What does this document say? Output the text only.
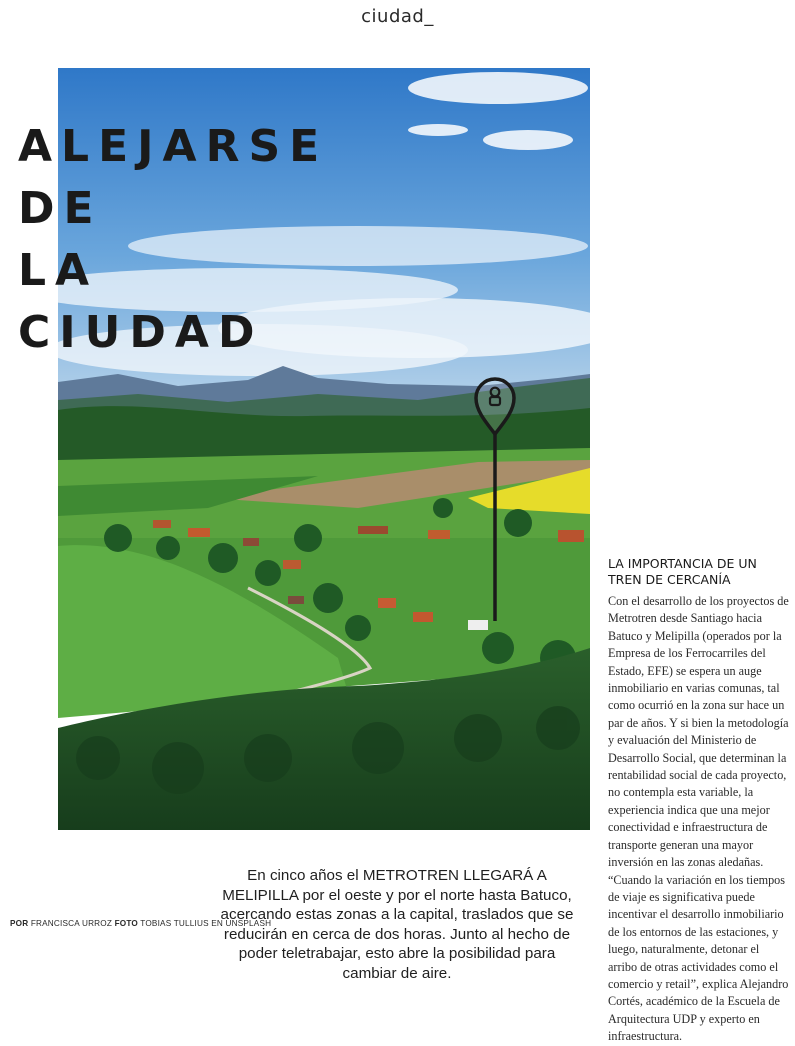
ciudad_
ALEJARSE
DE
LA
CIUDAD
LA IMPORTANCIA DE UN TREN DE CERCANÍA

Con el desarrollo de los proyectos de Metrotren desde Santiago hacia Batuco y Melipilla (operados por la Empresa de los Ferrocarriles del Estado, EFE) se espera un auge inmobiliario en varias comunas, tal como ocurrió en la zona sur hace un par de años. Y si bien la metodología y evaluación del Ministerio de Desarrollo Social, que determinan la rentabilidad social de cada proyecto, no contempla esta variable, la experiencia indica que una mejor conectividad e infraestructura de transporte generan una mayor inversión en las zonas aledañas. “Cuando la variación en los tiempos de viaje es significativa puede incentivar el desarrollo inmobiliario de los entornos de las estaciones, y luego, naturalmente, detonar el arribo de otras actividades como el comercio y retail”, explica Alejandro Cortés, académico de la Escuela de Arquitectura UDP y experto en infraestructura.

POR FRANCISCA URROZ FOTO TOBIAS TULLIUS EN UNSPLASH
En cinco años el METROTREN LLEGARÁ A MELIPILLA por el oeste y por el norte hasta Batuco, acercando estas zonas a la capital, traslados que se reducirán en cerca de dos horas. Junto al hecho de poder teletrabajar, esto abre la posibilidad para cambiar de aire.
